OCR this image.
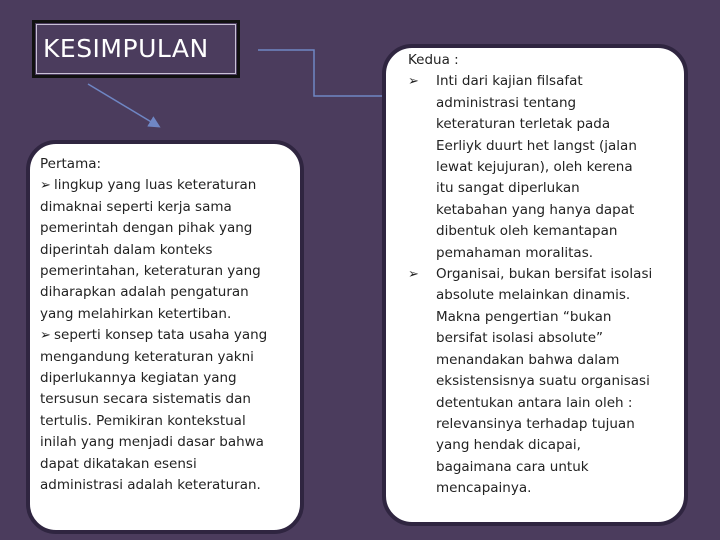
KESIMPULAN
Pertama:
➢ lingkup yang luas keteraturan
dimaknai seperti kerja sama
pemerintah dengan pihak yang
diperintah dalam konteks
pemerintahan, keteraturan yang
diharapkan adalah pengaturan
yang melahirkan ketertiban.
➢ seperti konsep tata usaha yang
mengandung keteraturan yakni
diperlukannya kegiatan yang
tersusun secara sistematis dan
tertulis. Pemikiran kontekstual
inilah yang menjadi dasar bahwa
dapat dikatakan esensi
administrasi adalah keteraturan.
Kedua :
➢ Inti dari kajian filsafat
administrasi tentang
keteraturan terletak pada
Eerliyk duurt het langst (jalan
lewat kejujuran), oleh kerena
itu sangat diperlukan
ketabahan yang hanya dapat
dibentuk oleh kemantapan
pemahaman moralitas.
➢ Organisai, bukan bersifat isolasi
absolute melainkan dinamis.
Makna pengertian “bukan
bersifat isolasi absolute”
menandakan bahwa dalam
eksistensisnya suatu organisasi
detentukan antara lain oleh :
relevansinya terhadap tujuan
yang hendak dicapai,
bagaimana cara untuk
mencapainya.
